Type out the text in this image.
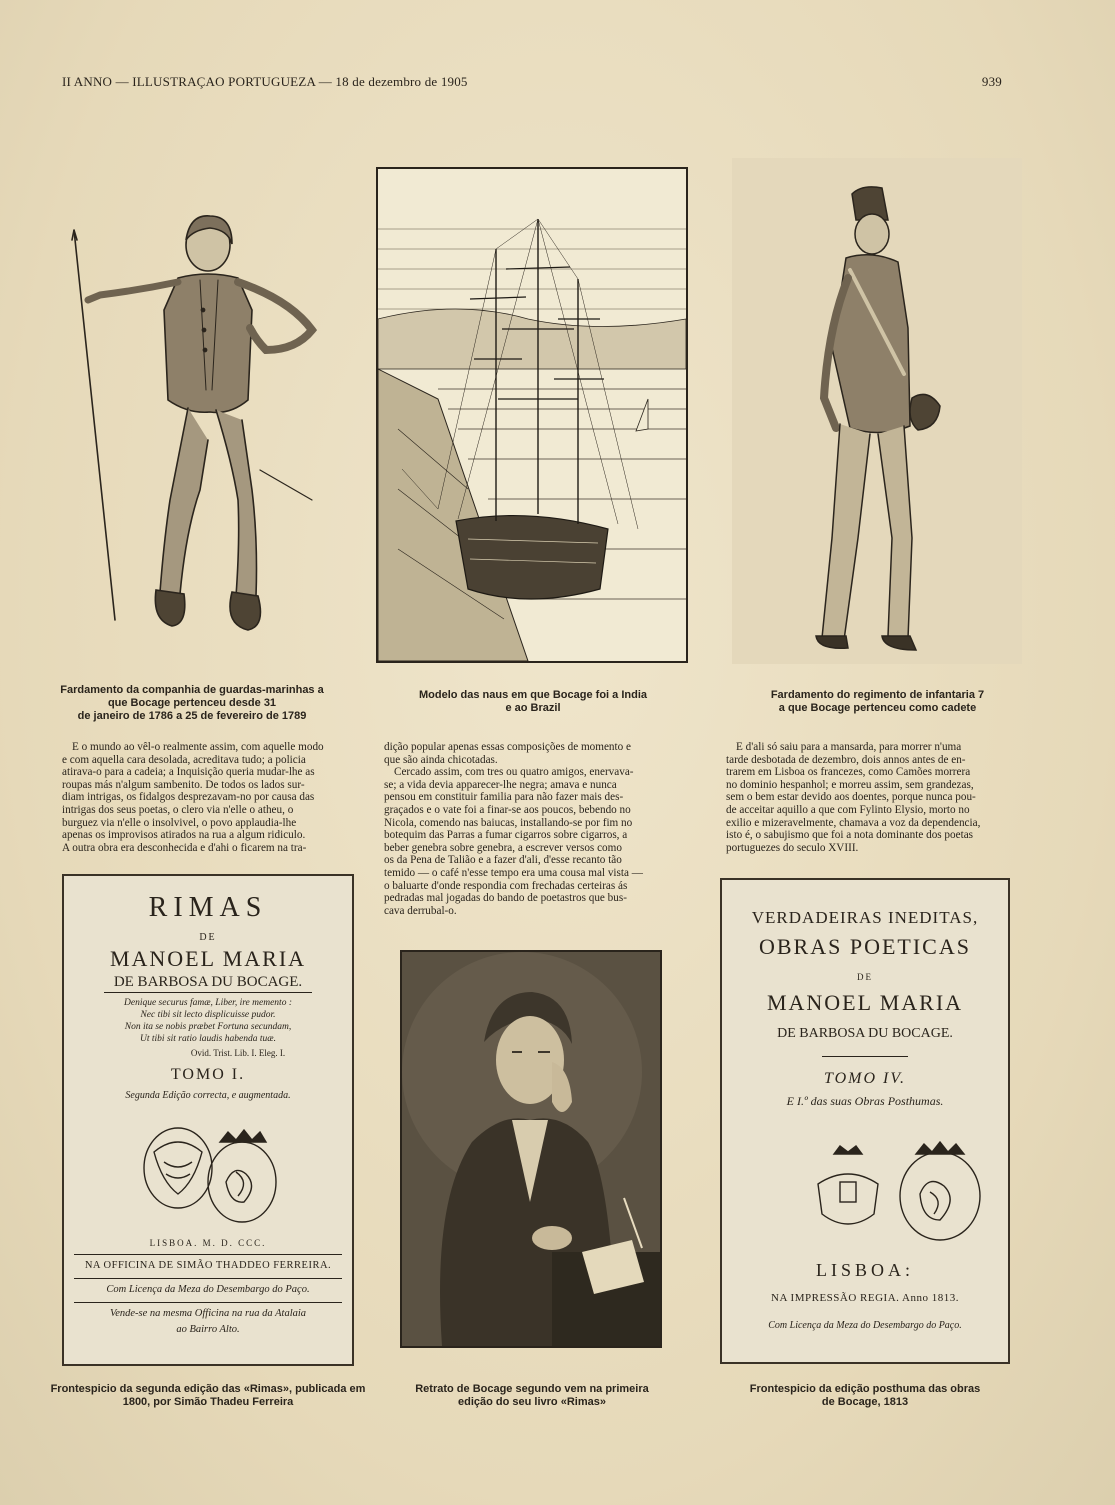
II ANNO — ILLUSTRAÇAO PORTUGUEZA — 18 de dezembro de 1905	939
Fardamento da companhia de guardas-marinhas a
que Bocage pertenceu desde 31
de janeiro de 1786 a 25 de fevereiro de 1789
Modelo das naus em que Bocage foi a India
e ao Brazil
Fardamento do regimento de infantaria 7
a que Bocage pertenceu como cadete
E o mundo ao vêl-o realmente assim, com aquelle modo
e com aquella cara desolada, acreditava tudo; a policia
atirava-o para a cadeia; a Inquisição queria mudar-lhe as
roupas más n'algum sambenito. De todos os lados sur-
diam intrigas, os fidalgos desprezavam-no por causa das
intrigas dos seus poetas, o clero via n'elle o atheu, o
burguez via n'elle o insolvivel, o povo applaudia-lhe
apenas os improvisos atirados na rua a algum ridiculo.
A outra obra era desconhecida e d'ahi o ficarem na tra-
dição popular apenas essas composições de momento e
que são ainda chicotadas.
Cercado assim, com tres ou quatro amigos, enervava-
se; a vida devia apparecer-lhe negra; amava e nunca
pensou em constituir familia para não fazer mais des-
graçados e o vate foi a finar-se aos poucos, bebendo no
Nicola, comendo nas baiucas, installando-se por fim no
botequim das Parras a fumar cigarros sobre cigarros, a
beber genebra sobre genebra, a escrever versos como
os da Pena de Talião e a fazer d'ali, d'esse recanto tão
temido — o café n'esse tempo era uma cousa mal vista —
o baluarte d'onde respondia com frechadas certeiras ás
pedradas mal jogadas do bando de poetastros que bus-
cava derrubal-o.
E d'ali só saiu para a mansarda, para morrer n'uma
tarde desbotada de dezembro, dois annos antes de en-
trarem em Lisboa os francezes, como Camões morrera
no dominio hespanhol; e morreu assim, sem grandezas,
sem o bem estar devido aos doentes, porque nunca pou-
de acceitar aquillo a que com Fylinto Elysio, morto no
exilio e mizeravelmente, chamava a voz da dependencia,
isto é, o sabujismo que foi a nota dominante dos poetas
portuguezes do seculo XVIII.
RIMAS
DE
MANOEL MARIA
DE BARBOSA DU BOCAGE.
Denique securus famæ, Liber, ire memento :
Nec tibi sit lecto displicuisse pudor.
Non ita se nobis præbet Fortuna secundam,
Ut tibi sit ratio laudis habenda tuæ.
Ovid. Trist. Lib. I. Eleg. I.
TOMO I.
Segunda Edição correcta, e augmentada.
LISBOA. M. D. CCC.
NA OFFICINA DE SIMÃO THADDEO FERREIRA.
Com Licença da Meza do Desembargo do Paço.
Vende-se na mesma Officina na rua da Atalaia
ao Bairro Alto.
Frontespicio da segunda edição das «Rimas», publicada em
1800, por Simão Thadeu Ferreira
Retrato de Bocage segundo vem na primeira
edição do seu livro «Rimas»
VERDADEIRAS INEDITAS,
OBRAS POETICAS
DE
MANOEL MARIA
DE BARBOSA DU BOCAGE.
TOMO IV.
E I.º das suas Obras Posthumas.
LISBOA:
NA IMPRESSÃO REGIA. Anno 1813.
Com Licença da Meza do Desembargo do Paço.
Frontespicio da edição posthuma das obras
de Bocage, 1813
